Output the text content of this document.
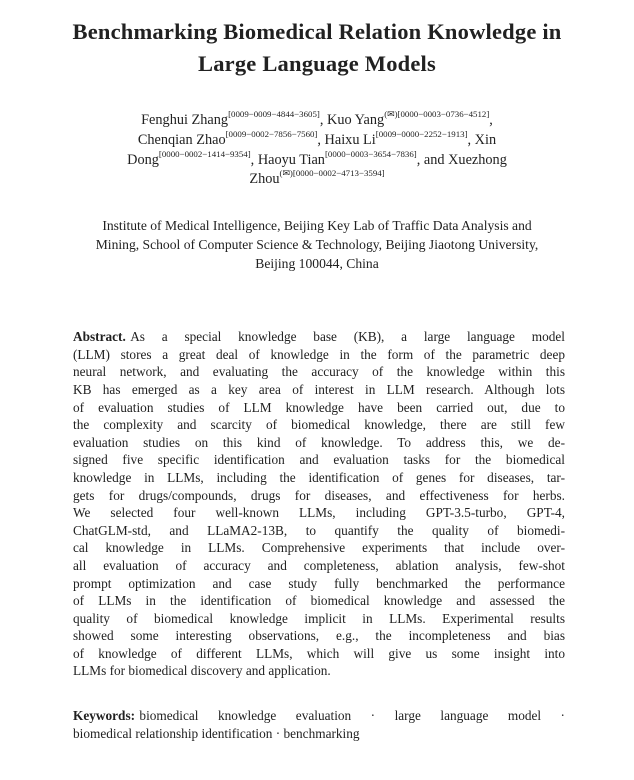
Benchmarking Biomedical Relation Knowledge in
Large Language Models
Fenghui Zhang[0009−0009−4844−3605], Kuo Yang$^{(✉)[0000-0003-0736-4512]}$,
Chenqian Zhao[0009−0002−7856−7560], Haixu Li[0009−0000−2252−1913], Xin
Dong[0000−0002−1414−9354], Haoyu Tian[0000−0003−3654−7836], and Xuezhong
Zhou$^{(✉)[0000-0002-4713-3594]}$
Institute of Medical Intelligence, Beijing Key Lab of Traffic Data Analysis and
Mining, School of Computer Science & Technology, Beijing Jiaotong University,
Beijing 100044, China
Abstract. As a special knowledge base (KB), a large language model
(LLM) stores a great deal of knowledge in the form of the parametric deep
neural network, and evaluating the accuracy of the knowledge within this
KB has emerged as a key area of interest in LLM research. Although lots
of evaluation studies of LLM knowledge have been carried out, due to
the complexity and scarcity of biomedical knowledge, there are still few
evaluation studies on this kind of knowledge. To address this, we de-
signed five specific identification and evaluation tasks for the biomedical
knowledge in LLMs, including the identification of genes for diseases, tar-
gets for drugs/compounds, drugs for diseases, and effectiveness for herbs.
We selected four well-known LLMs, including GPT-3.5-turbo, GPT-4,
ChatGLM-std, and LLaMA2-13B, to quantify the quality of biomedi-
cal knowledge in LLMs. Comprehensive experiments that include over-
all evaluation of accuracy and completeness, ablation analysis, few-shot
prompt optimization and case study fully benchmarked the performance
of LLMs in the identification of biomedical knowledge and assessed the
quality of biomedical knowledge implicit in LLMs. Experimental results
showed some interesting observations, e.g., the incompleteness and bias
of knowledge of different LLMs, which will give us some insight into
LLMs for biomedical discovery and application.
Keywords: biomedical knowledge evaluation · large language model ·
biomedical relationship identification · benchmarking
